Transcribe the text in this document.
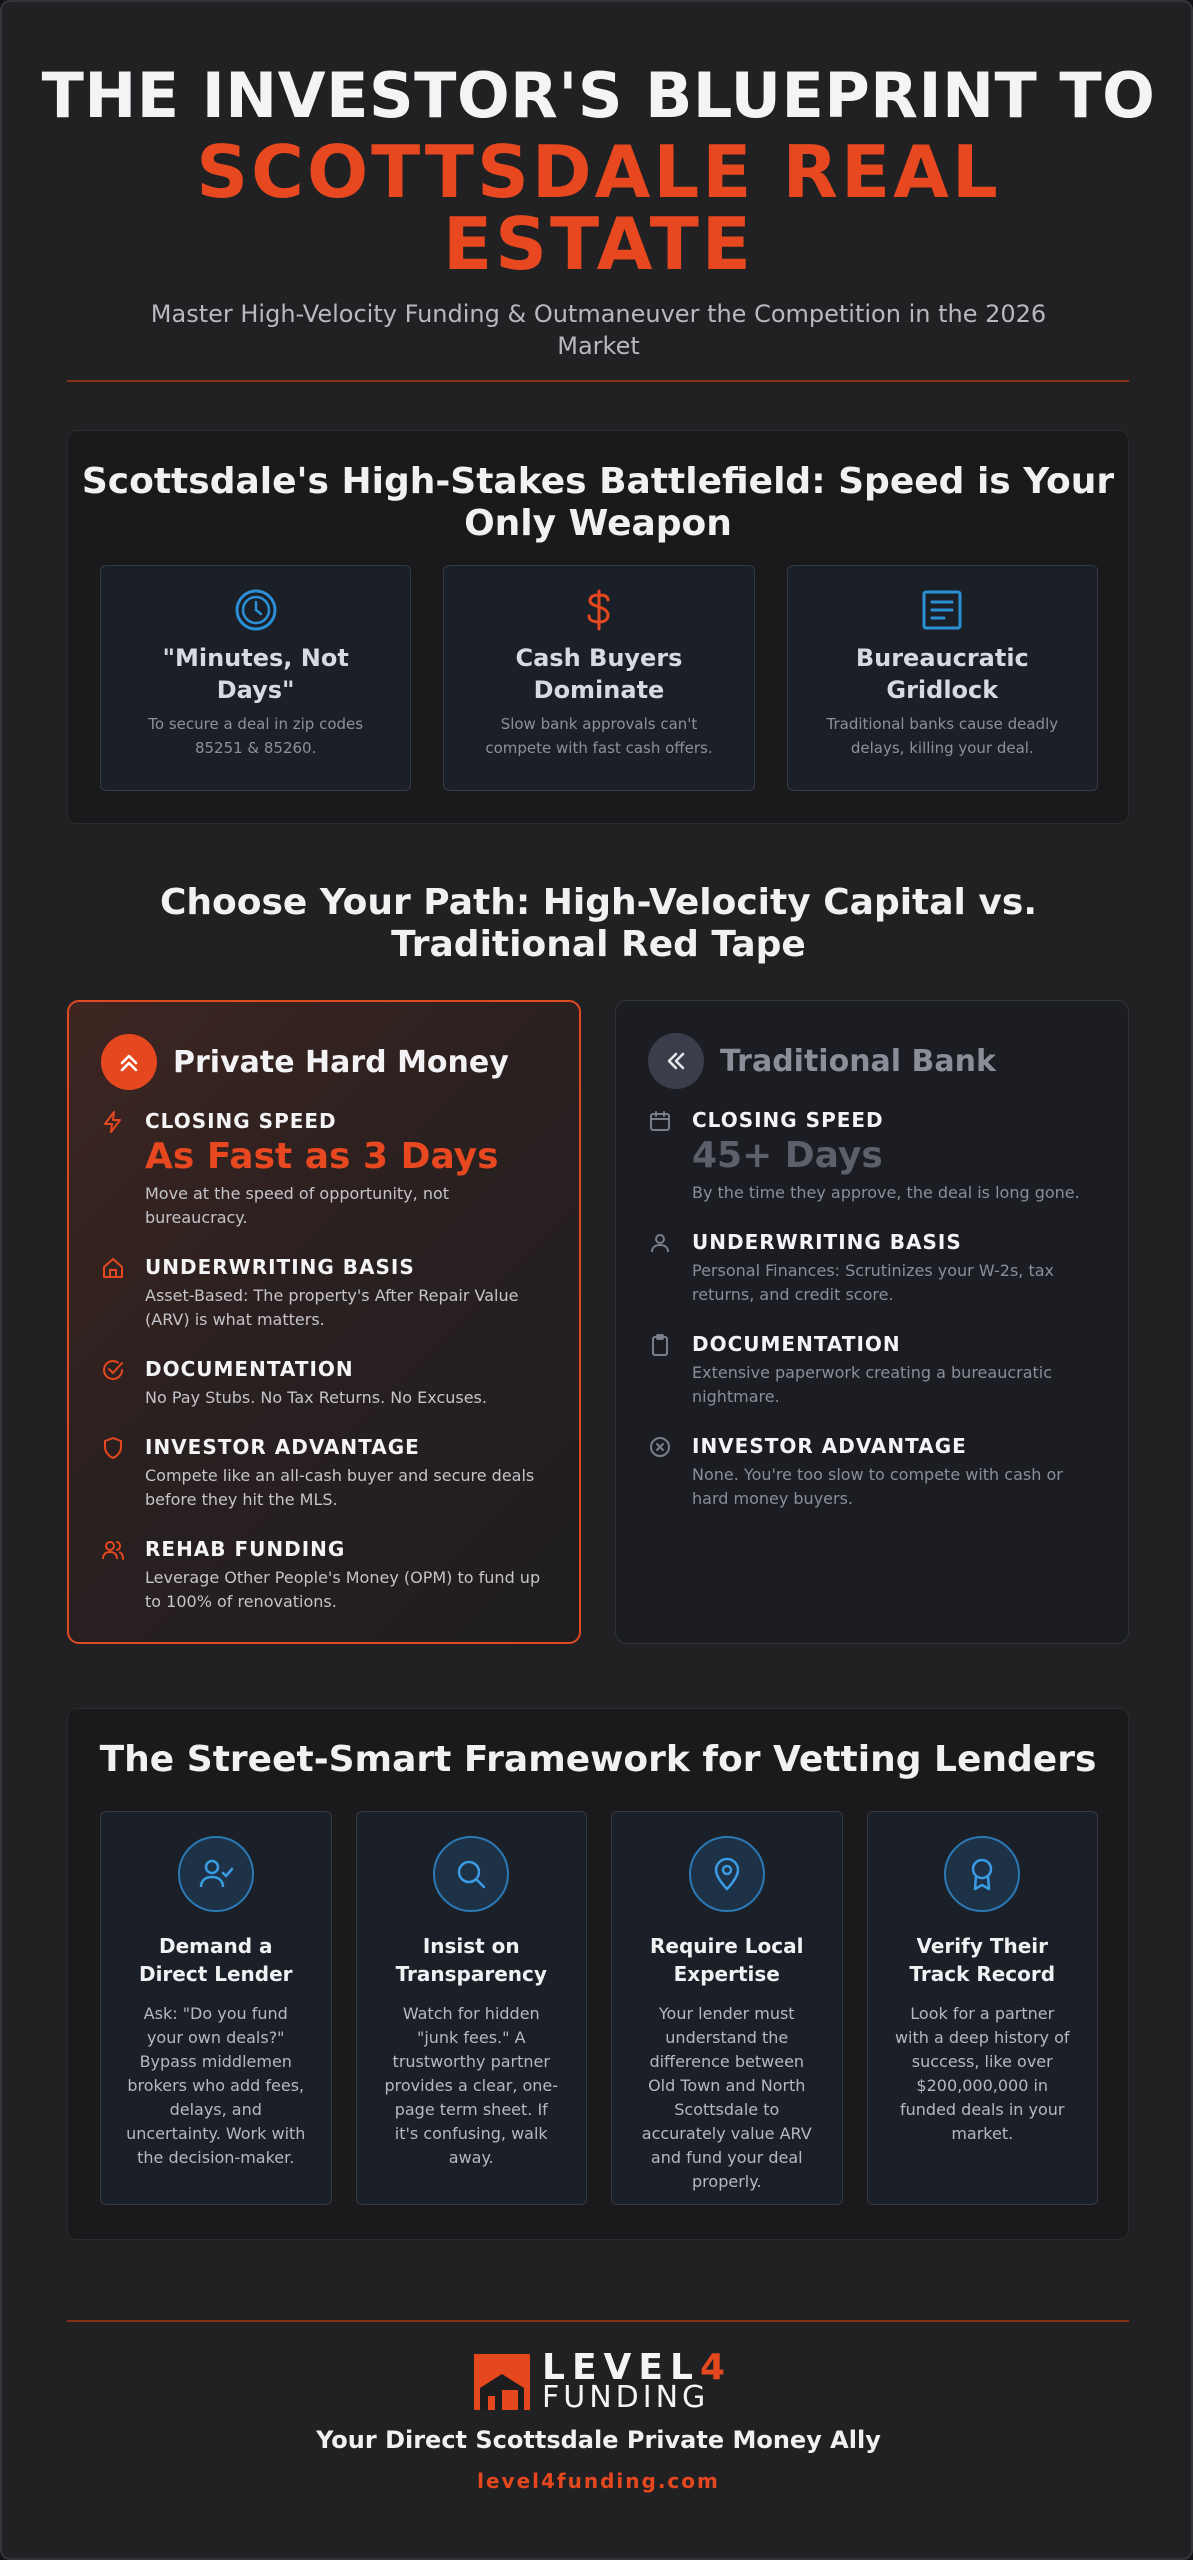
THE INVESTOR'S BLUEPRINT TO
SCOTTSDALE REAL ESTATE
Master High-Velocity Funding & Outmaneuver the Competition in the 2026 Market
Scottsdale's High-Stakes Battlefield: Speed is Your Only Weapon
"Minutes, Not Days"
To secure a deal in zip codes 85251 & 85260.
Cash Buyers Dominate
Slow bank approvals can't compete with fast cash offers.
Bureaucratic Gridlock
Traditional banks cause deadly delays, killing your deal.
Choose Your Path: High-Velocity Capital vs. Traditional Red Tape
Private Hard Money
CLOSING SPEED
As Fast as 3 Days
Move at the speed of opportunity, not bureaucracy.
UNDERWRITING BASIS
Asset-Based: The property's After Repair Value (ARV) is what matters.
DOCUMENTATION
No Pay Stubs. No Tax Returns. No Excuses.
INVESTOR ADVANTAGE
Compete like an all-cash buyer and secure deals before they hit the MLS.
REHAB FUNDING
Leverage Other People's Money (OPM) to fund up to 100% of renovations.
Traditional Bank
CLOSING SPEED
45+ Days
By the time they approve, the deal is long gone.
UNDERWRITING BASIS
Personal Finances: Scrutinizes your W-2s, tax returns, and credit score.
DOCUMENTATION
Extensive paperwork creating a bureaucratic nightmare.
INVESTOR ADVANTAGE
None. You're too slow to compete with cash or hard money buyers.
The Street-Smart Framework for Vetting Lenders
Demand a Direct Lender
Ask: "Do you fund your own deals?" Bypass middlemen brokers who add fees, delays, and uncertainty. Work with the decision-maker.
Insist on Transparency
Watch for hidden "junk fees." A trustworthy partner provides a clear, one-page term sheet. If it's confusing, walk away.
Require Local Expertise
Your lender must understand the difference between Old Town and North Scottsdale to accurately value ARV and fund your deal properly.
Verify Their Track Record
Look for a partner with a deep history of success, like over $200,000,000 in funded deals in your market.
LEVEL4
FUNDING
Your Direct Scottsdale Private Money Ally
level4funding.com
